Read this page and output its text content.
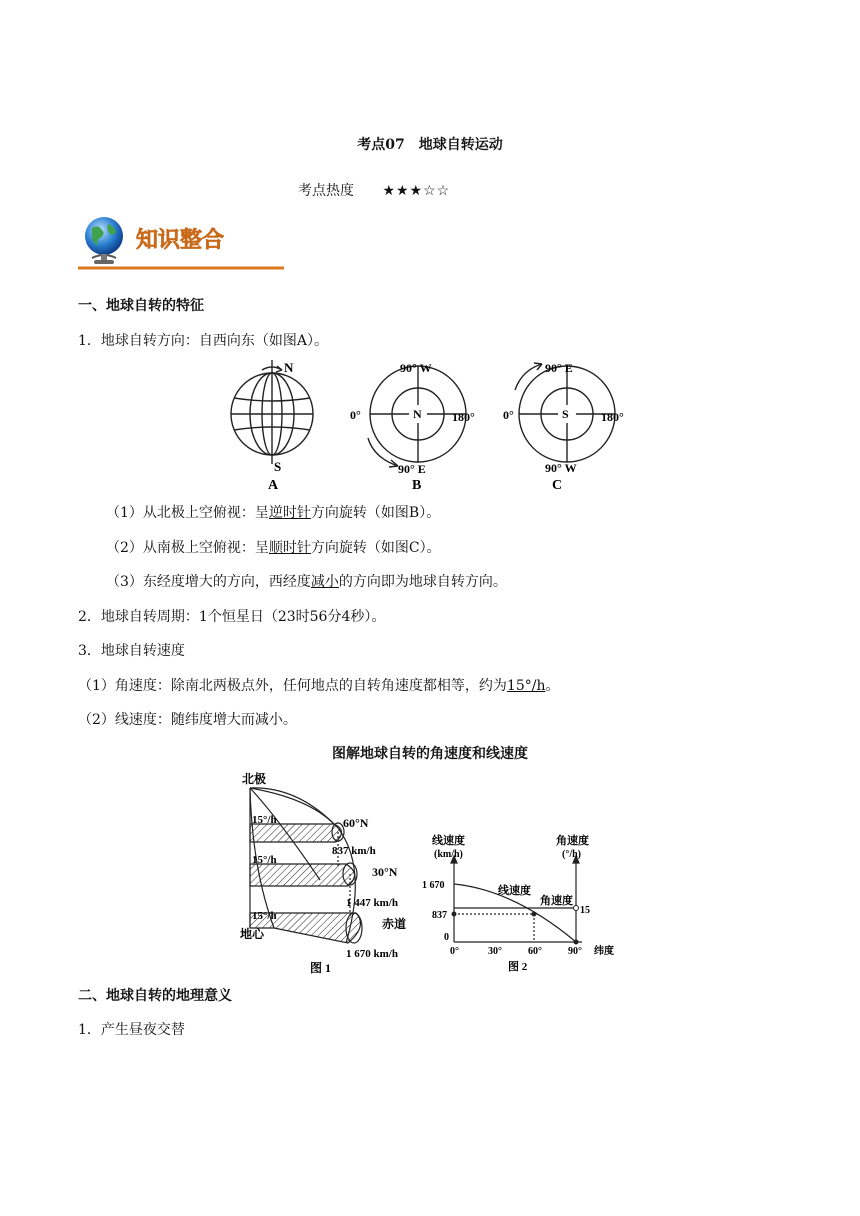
考点07　地球自转运动
考点热度 ★★★☆☆
知识整合
一、地球自转的特征
1．地球自转方向：自西向东（如图A）。
N
S
A
N
90° W
0°	180°
90° E
B
S
90° E
0°	180°
90° W
C
（1）从北极上空俯视：呈逆时针方向旋转（如图B）。
（2）从南极上空俯视：呈顺时针方向旋转（如图C）。
（3）东经度增大的方向，西经度减小的方向即为地球自转方向。
2．地球自转周期：1个恒星日（23时56分4秒）。
3．地球自转速度
（1）角速度：除南北两极点外，任何地点的自转角速度都相等，约为15°/h。
（2）线速度：随纬度增大而减小。
图解地球自转的角速度和线速度
北极
15°/h	60°N
837 km/h
15°/h
30°N
1 447 km/h
15°/h
赤道
地心
1 670 km/h
图 1
线速度
(km/h)
角速度
(°/h)
1 670
837
0
线速度
角速度
15
0°	30°	60°	90° 纬度
图 2
二、地球自转的地理意义
1．产生昼夜交替
